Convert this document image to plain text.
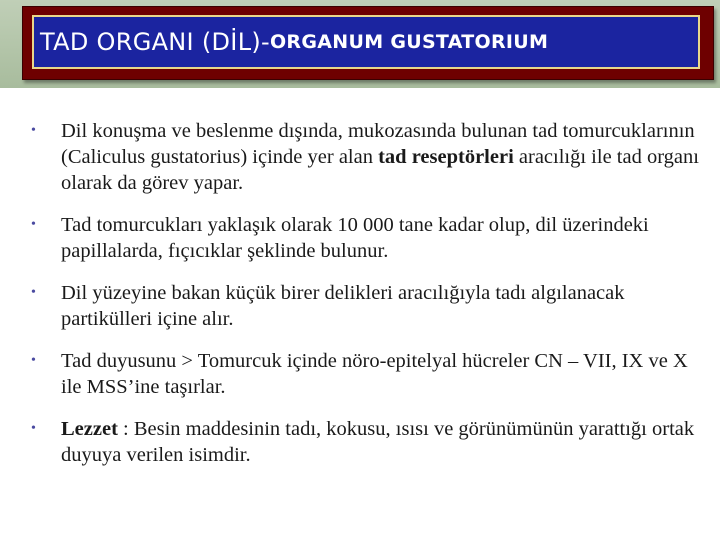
TAD ORGANI (DİL)- ORGANUM GUSTATORIUM
• Dil konuşma ve beslenme dışında, mukozasında bulunan tad tomurcuklarının (Caliculus gustatorius) içinde yer alan tad reseptörleri aracılığı ile tad organı olarak da görev yapar.
• Tad tomurcukları yaklaşık olarak 10 000 tane kadar olup, dil üzerindeki papillalarda, fıçıcıklar şeklinde bulunur.
• Dil yüzeyine bakan küçük birer delikleri aracılığıyla tadı algılanacak partikülleri içine alır.
• Tad duyusunu > Tomurcuk içinde nöro-epitelyal hücreler CN – VII, IX ve X ile MSS’ine taşırlar.
• Lezzet : Besin maddesinin tadı, kokusu, ısısı ve görünümünün yarattığı ortak duyuya verilen isimdir.
